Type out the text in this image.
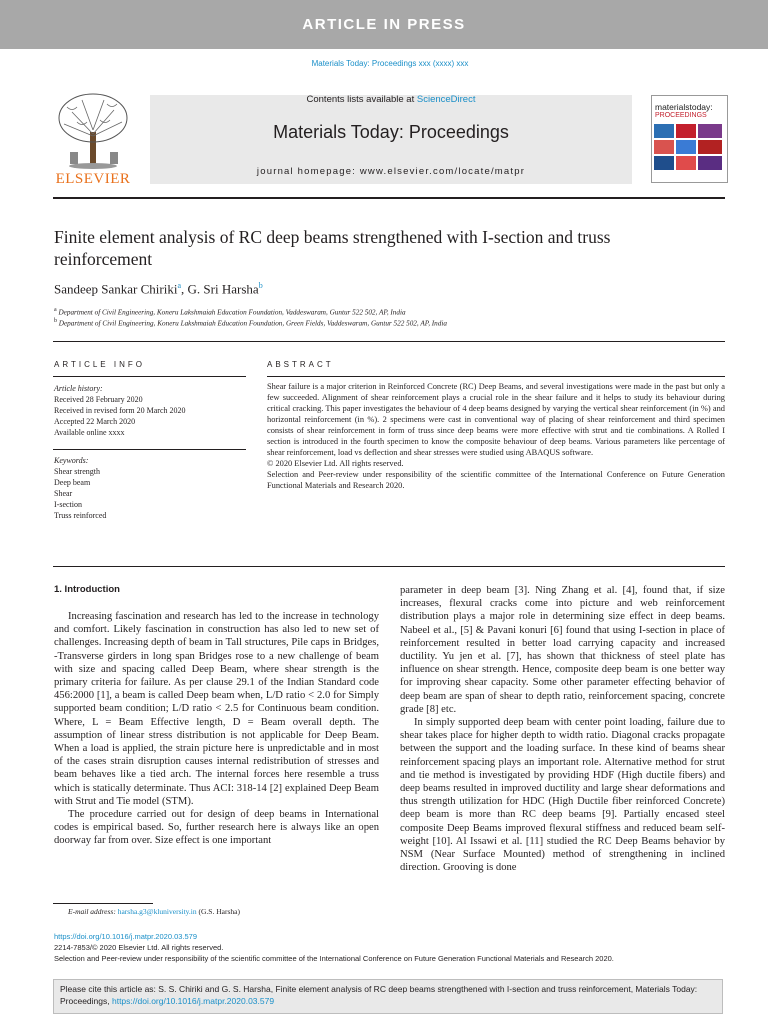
ARTICLE IN PRESS
Materials Today: Proceedings xxx (xxxx) xxx
ELSEVIER
Contents lists available at ScienceDirect
Materials Today: Proceedings
journal homepage: www.elsevier.com/locate/matpr
materialstoday:
PROCEEDINGS
Finite element analysis of RC deep beams strengthened with I-section and truss reinforcement
Sandeep Sankar Chiriki$^a$, G. Sri Harsha$^b$
$^a$ Department of Civil Engineering, Koneru Lakshmaiah Education Foundation, Vaddeswaram, Guntur 522 502, AP, India
$^b$ Department of Civil Engineering, Koneru Lakshmaiah Education Foundation, Green Fields, Vaddeswaram, Guntur 522 502, AP, India
ARTICLE INFO
Article history:
Received 28 February 2020
Received in revised form 20 March 2020
Accepted 22 March 2020
Available online xxxx
Keywords:
Shear strength
Deep beam
Shear
I-section
Truss reinforced
ABSTRACT

Shear failure is a major criterion in Reinforced Concrete (RC) Deep Beams, and several investigations were made in the past but only a few succeeded. Alignment of shear reinforcement plays a crucial role in the shear failure and it helps to study its behaviour during critical cracking. This paper investigates the behaviour of 4 deep beams designed by varying the vertical shear reinforcement (in %) and horizontal reinforcement (in %). 2 specimens were cast in conventional way of placing of shear reinforcement and third specimen consists of shear reinforcement in form of truss since deep beams were more effective with strut and tie combinations. A Rolled I section is introduced in the fourth specimen to know the composite behaviour of deep beams. Various parameters like percentage of shear reinforcement, load vs deflection and shear stresses were studied using ABAQUS software.

© 2020 Elsevier Ltd. All rights reserved.

Selection and Peer-review under responsibility of the scientific committee of the International Conference on Future Generation Functional Materials and Research 2020.

1. Introduction

Increasing fascination and research has led to the increase in technology and comfort. Likely fascination in construction has also led to new set of challenges. Increasing depth of beam in Tall structures, Pile caps in Bridges, -Transverse girders in long span Bridges rose to a new challenge of beam with size and spacing called Deep Beam, where shear strength is the primary criteria for failure. As per clause 29.1 of the Indian Standard code 456:2000 [1], a beam is called Deep beam when, L/D ratio < 2.0 for Simply supported beam condition; L/D ratio < 2.5 for Continuous beam condition. Where, L = Beam Effective length, D = Beam overall depth. The assumption of linear stress distribution is not applicable for Deep Beam. When a load is applied, the strain picture here is unpredictable and in most of the cases strain disruption causes internal redistribution of stresses and beam behaves like a tied arch. The internal forces here resemble a truss which is statically determinate. Thus ACI: 318-14 [2] explained Deep Beam with Strut and Tie model (STM).

The procedure carried out for design of deep beams in International codes is empirical based. So, further research here is always like an open doorway far from over. Size effect is one important

parameter in deep beam [3]. Ning Zhang et al. [4], found that, if size increases, flexural cracks come into picture and web reinforcement distribution plays a major role in determining size effect in deep beams. Nabeel et al., [5] & Pavani konuri [6] found that using I-section in place of reinforcement resulted in better load carrying capacity and increased ductility. Yu jen et al. [7], has shown that thickness of steel plate has influence on shear strength. Hence, composite deep beam is one better way for improving shear capacity. Some other parameter effecting behavior of deep beam are span of shear to depth ratio, reinforcement spacing, concrete grade [8] etc.

In simply supported deep beam with center point loading, failure due to shear takes place for higher depth to width ratio. Diagonal cracks propagate between the support and the loading surface. In these kind of beams shear reinforcement spacing plays an important role. Alternative method for strut and tie method is investigated by providing HDF (High ductile fibers) and deep beams resulted in improved ductility and large shear deformations and thus strength utilization for HDC (High Ductile fiber reinforced Concrete) deep beam is more than RC deep beams [9]. Partially encased steel composite Deep Beams improved flexural stiffness and reduced beam self-weight [10]. Al Issawi et al. [11] studied the RC Deep Beams behavior by NSM (Near Surface Mounted) method of strengthening in inclined direction. Grooving is done

E-mail address: harsha.g3@kluniversity.in (G.S. Harsha)
https://doi.org/10.1016/j.matpr.2020.03.579
2214-7853/© 2020 Elsevier Ltd. All rights reserved.
Selection and Peer-review under responsibility of the scientific committee of the International Conference on Future Generation Functional Materials and Research 2020.
Please cite this article as: S. S. Chiriki and G. S. Harsha, Finite element analysis of RC deep beams strengthened with I-section and truss reinforcement, Materials Today: Proceedings, https://doi.org/10.1016/j.matpr.2020.03.579
